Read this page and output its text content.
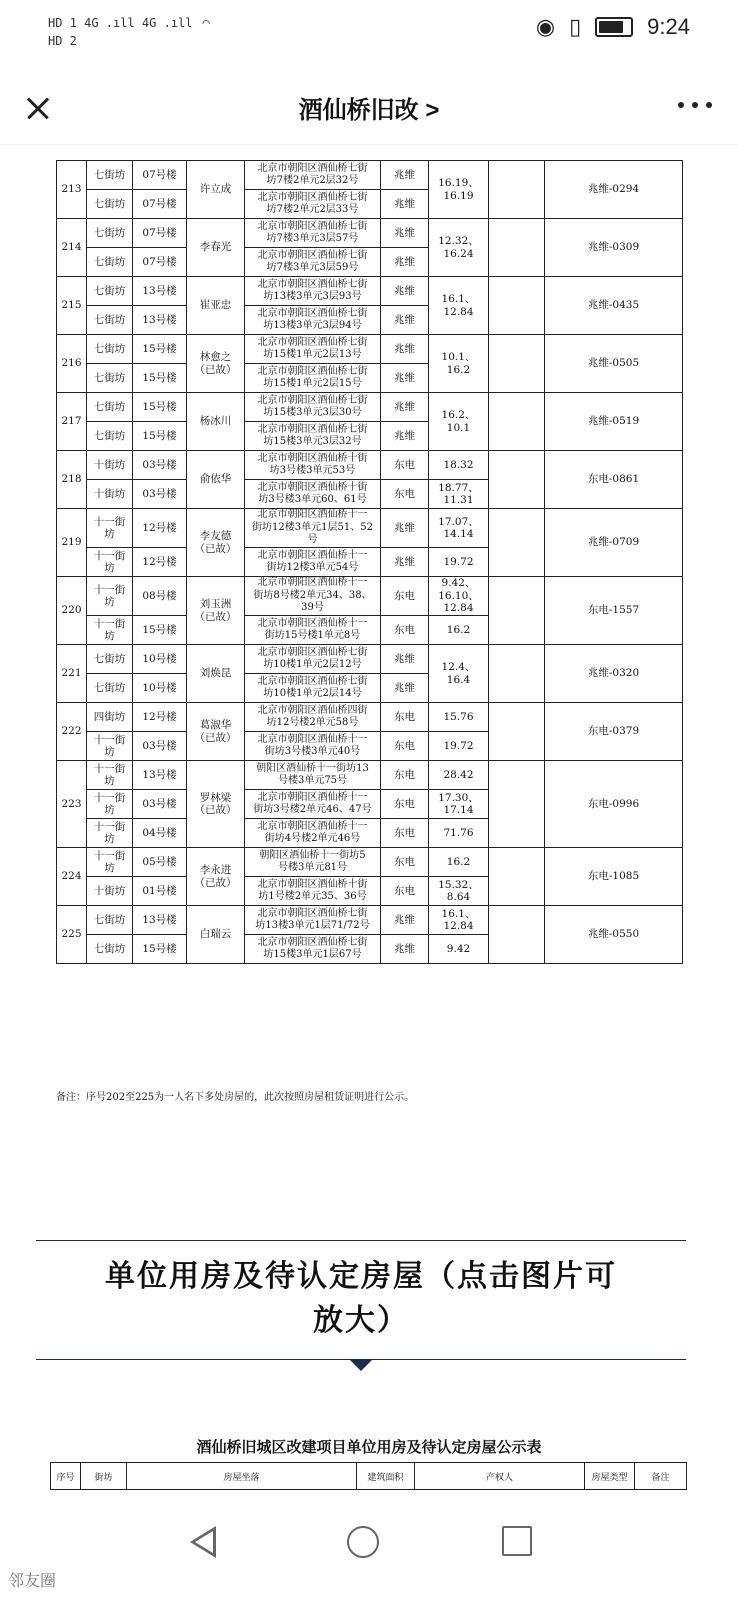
HD 1 4G .ıll 4G .ıll ◠
HD 2
◉ ▯	9:24
酒仙桥旧改 >
213	七街坊	07号楼	许立成	北京市朝阳区酒仙桥七街
坊7楼2单元2层32号	兆维	16.19、
16.19		兆维-0294
	七街坊	07号楼		北京市朝阳区酒仙桥七街
坊7楼2单元2层33号	兆维			
214	七街坊	07号楼	李春光	北京市朝阳区酒仙桥七街
坊7楼3单元3层57号	兆维	12.32、
16.24		兆维-0309
	七街坊	07号楼		北京市朝阳区酒仙桥七街
坊7楼3单元3层59号	兆维			
215	七街坊	13号楼	崔亚忠	北京市朝阳区酒仙桥七街
坊13楼3单元3层93号	兆维	16.1、
12.84		兆维-0435
	七街坊	13号楼		北京市朝阳区酒仙桥七街
坊13楼3单元3层94号	兆维			
216	七街坊	15号楼	林愈之
（已故）	北京市朝阳区酒仙桥七街
坊15楼1单元2层13号	兆维	10.1、
16.2		兆维-0505
	七街坊	15号楼		北京市朝阳区酒仙桥七街
坊15楼1单元2层15号	兆维			
217	七街坊	15号楼	杨冰川	北京市朝阳区酒仙桥七街
坊15楼3单元3层30号	兆维	16.2、
10.1		兆维-0519
	七街坊	15号楼		北京市朝阳区酒仙桥七街
坊15楼3单元3层32号	兆维			
218	十街坊	03号楼	俞依华	北京市朝阳区酒仙桥十街
坊3号楼3单元53号	东电	18.32		东电-0861
	十街坊	03号楼		北京市朝阳区酒仙桥十街
坊3号楼3单元60、61号	东电	18.77、
11.31		
219	十一街
坊	12号楼	李友德
（已故）	北京市朝阳区酒仙桥十一
街坊12楼3单元1层51、52
号	兆维	17.07、
14.14		兆维-0709
	十一街
坊	12号楼		北京市朝阳区酒仙桥十一
街坊12楼3单元54号	兆维	19.72		
220	十一街
坊	08号楼	刘玉洲
（已故）	北京市朝阳区酒仙桥十一
街坊8号楼2单元34、38、
39号	东电	9.42、
16.10、
12.84		东电-1557
	十一街
坊	15号楼		北京市朝阳区酒仙桥十一
街坊15号楼1单元8号	东电	16.2		
221	七街坊	10号楼	刘焕昆	北京市朝阳区酒仙桥七街
坊10楼1单元2层12号	兆维	12.4、
16.4		兆维-0320
	七街坊	10号楼		北京市朝阳区酒仙桥七街
坊10楼1单元2层14号	兆维			
222	四街坊	12号楼	葛淑华
（已故）	北京市朝阳区酒仙桥四街
坊12号楼2单元58号	东电	15.76		东电-0379
	十一街
坊	03号楼		北京市朝阳区酒仙桥十一
街坊3号楼3单元40号	东电	19.72		
223	十一街
坊	13号楼	罗林梁
（已故）	朝阳区酒仙桥十一街坊13
号楼3单元75号	东电	28.42		东电-0996
	十一街
坊	03号楼		北京市朝阳区酒仙桥十一
街坊3号楼2单元46、47号	东电	17.30、
17.14		
	十一街
坊	04号楼		北京市朝阳区酒仙桥十一
街坊4号楼2单元46号	东电	71.76		
224	十一街
坊	05号楼	李永进
（已故）	朝阳区酒仙桥十一街坊5
号楼3单元81号	东电	16.2		东电-1085
	十街坊	01号楼		北京市朝阳区酒仙桥十街
坊1号楼2单元35、36号	东电	15.32、
8.64		
225	七街坊	13号楼	白瑞云	北京市朝阳区酒仙桥七街
坊13楼3单元1层71/72号	兆维	16.1、
12.84		兆维-0550
	七街坊	15号楼		北京市朝阳区酒仙桥七街
坊15楼3单元1层67号	兆维	9.42		
备注：序号202至225为一人名下多处房屋的，此次按照房屋租赁证明进行公示。
单位用房及待认定房屋（点击图片可
放大）
酒仙桥旧城区改建项目单位用房及待认定房屋公示表
序号	街坊	房屋坐落	建筑面积	产权人	房屋类型	备注
邻友圈
